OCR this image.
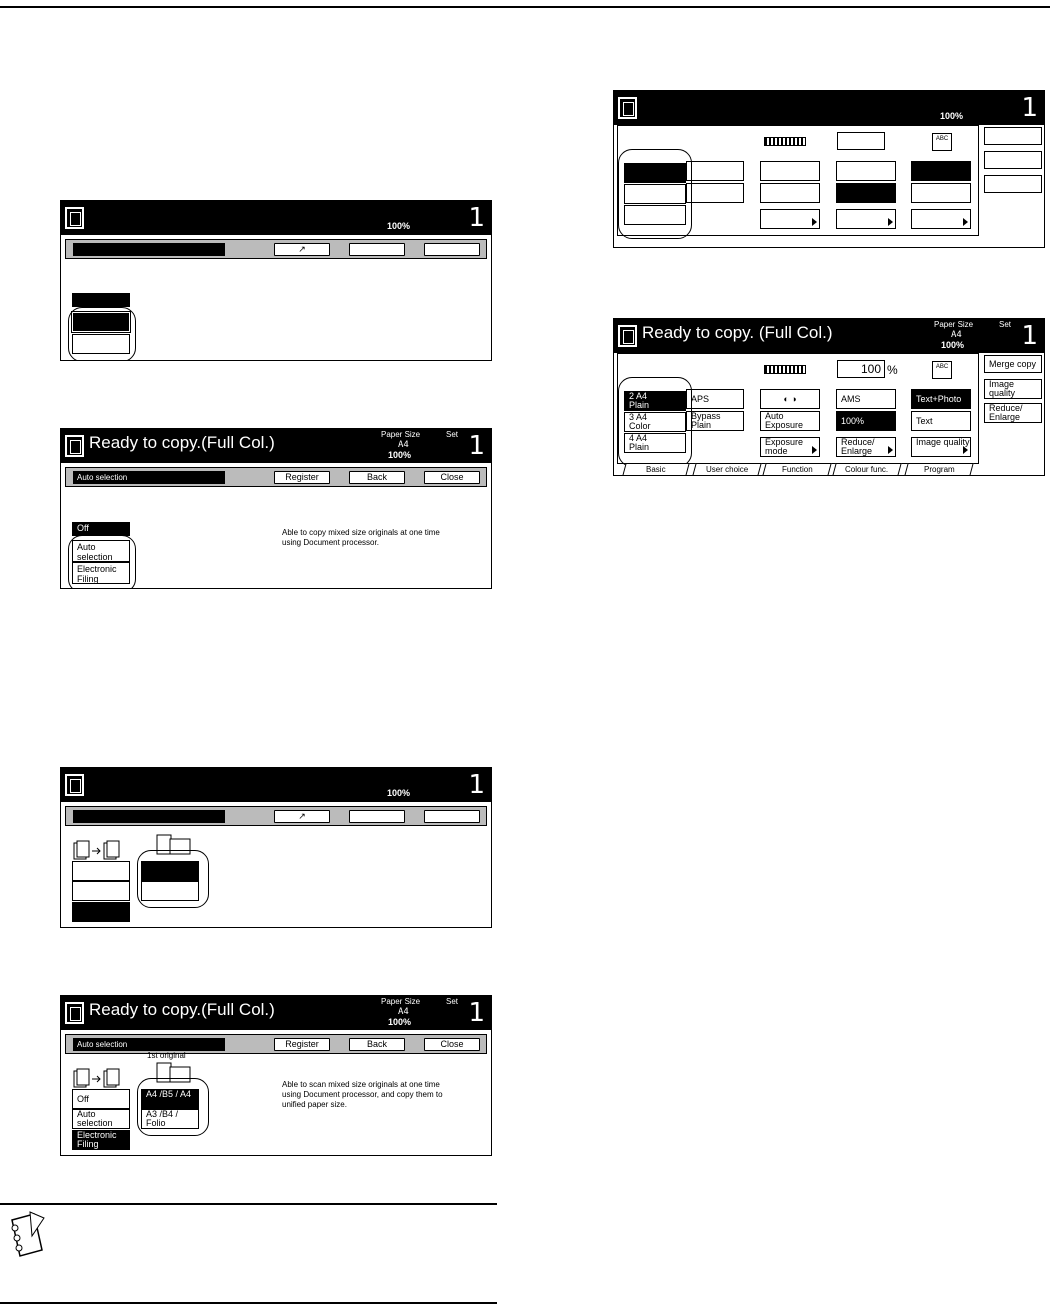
100% 1
↗
Ready to copy.(Full Col.)	Paper Size	Set
A4
100% 1
Auto selection	Register	Back	Close
Off
Auto selection
Electronic Filing
Able to copy mixed size originals at one time using Document processor.
100% 1
↗
Ready to copy.(Full Col.)	Paper Size	Set
A4
100% 1
Auto selection	Register	Back	Close
1st original
Off
Auto selection
Electronic Filing
A4 /B5 / A4
A3 /B4 / Folio
Able to scan mixed size originals at one time using Document processor, and copy them to unified paper size.
100% 1
ABC
Ready to copy. (Full Col.)	Paper Size	Set
A4
100% 1
100 %	ABC
2 A4
Plain
3 A4
Color
4 A4
Plain
APS
Bypass
Plain
◐ ◑
Auto Exposure
Exposure mode
AMS
100%
Reduce/ Enlarge
Text+Photo
Text
Image quality
Merge copy
Image quality
Reduce/ Enlarge
Basic	User choice	Function	Colour func.	Program
